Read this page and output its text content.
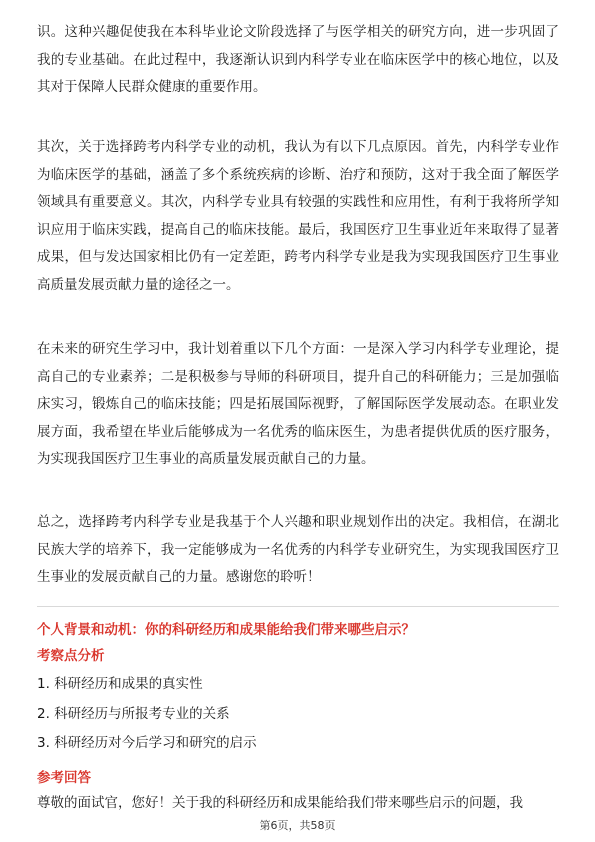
识。这种兴趣促使我在本科毕业论文阶段选择了与医学相关的研究方向，进一步巩固了我的专业基础。在此过程中，我逐渐认识到内科学专业在临床医学中的核心地位，以及其对于保障人民群众健康的重要作用。

其次，关于选择跨考内科学专业的动机，我认为有以下几点原因。首先，内科学专业作为临床医学的基础，涵盖了多个系统疾病的诊断、治疗和预防，这对于我全面了解医学领域具有重要意义。其次，内科学专业具有较强的实践性和应用性，有利于我将所学知识应用于临床实践，提高自己的临床技能。最后，我国医疗卫生事业近年来取得了显著成果，但与发达国家相比仍有一定差距，跨考内科学专业是我为实现我国医疗卫生事业高质量发展贡献力量的途径之一。

在未来的研究生学习中，我计划着重以下几个方面：一是深入学习内科学专业理论，提高自己的专业素养；二是积极参与导师的科研项目，提升自己的科研能力；三是加强临床实习，锻炼自己的临床技能；四是拓展国际视野，了解国际医学发展动态。在职业发展方面，我希望在毕业后能够成为一名优秀的临床医生，为患者提供优质的医疗服务，为实现我国医疗卫生事业的高质量发展贡献自己的力量。

总之，选择跨考内科学专业是我基于个人兴趣和职业规划作出的决定。我相信，在湖北民族大学的培养下，我一定能够成为一名优秀的内科学专业研究生，为实现我国医疗卫生事业的发展贡献自己的力量。感谢您的聆听！

个人背景和动机：你的科研经历和成果能给我们带来哪些启示？
考察点分析
1. 科研经历和成果的真实性
2. 科研经历与所报考专业的关系
3. 科研经历对今后学习和研究的启示
参考回答
尊敬的面试官，您好！关于我的科研经历和成果能给我们带来哪些启示的问题，我
第6页，共58页
